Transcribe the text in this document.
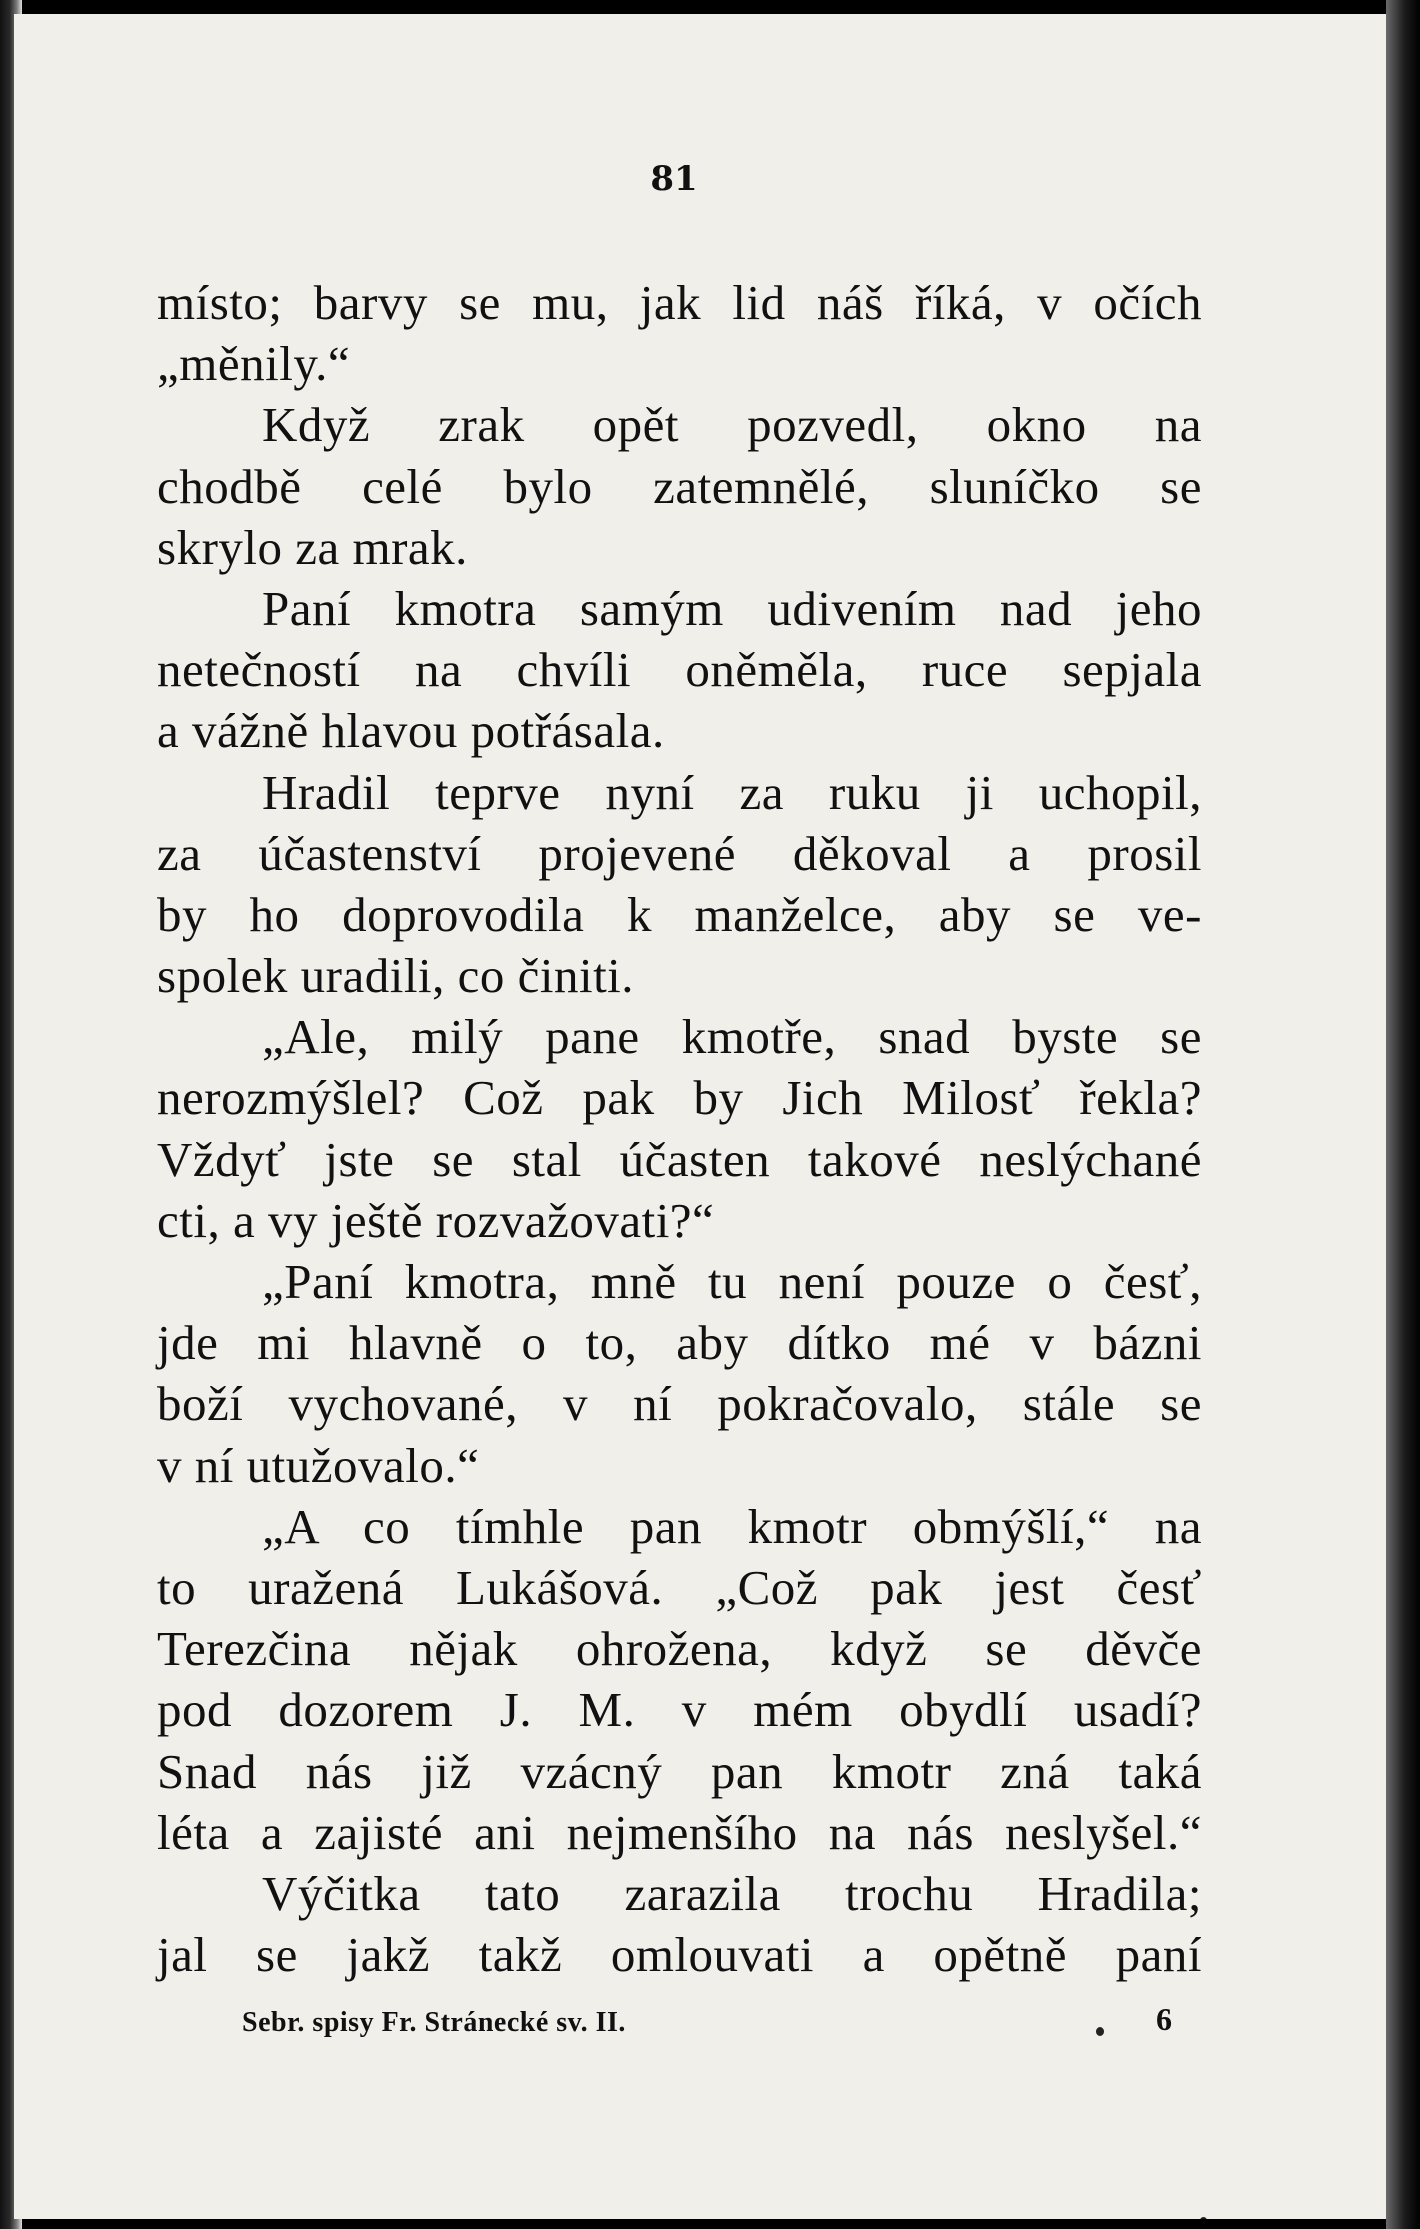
81
místo; barvy se mu, jak lid náš říká, v očích
„měnily.“
Když zrak opět pozvedl, okno na
chodbě celé bylo zatemnělé, sluníčko se
skrylo za mrak.
Paní kmotra samým udivením nad jeho
netečností na chvíli oněměla, ruce sepjala
a vážně hlavou potřásala.
Hradil teprve nyní za ruku ji uchopil,
za účastenství projevené děkoval a prosil
by ho doprovodila k manželce, aby se ve-
spolek uradili, co činiti.
„Ale, milý pane kmotře, snad byste se
nerozmýšlel? Což pak by Jich Milosť řekla?
Vždyť jste se stal účasten takové neslýchané
cti, a vy ještě rozvažovati?“
„Paní kmotra, mně tu není pouze o česť,
jde mi hlavně o to, aby dítko mé v bázni
boží vychované, v ní pokračovalo, stále se
v ní utužovalo.“
„A co tímhle pan kmotr obmýšlí,“ na
to uražená Lukášová. „Což pak jest česť
Terezčina nějak ohrožena, když se děvče
pod dozorem J. M. v mém obydlí usadí?
Snad nás již vzácný pan kmotr zná taká
léta a zajisté ani nejmenšího na nás neslyšel.“
Výčitka tato zarazila trochu Hradila;
jal se jakž takž omlouvati a opětně paní
Sebr. spisy Fr. Stránecké sv. II.	6
